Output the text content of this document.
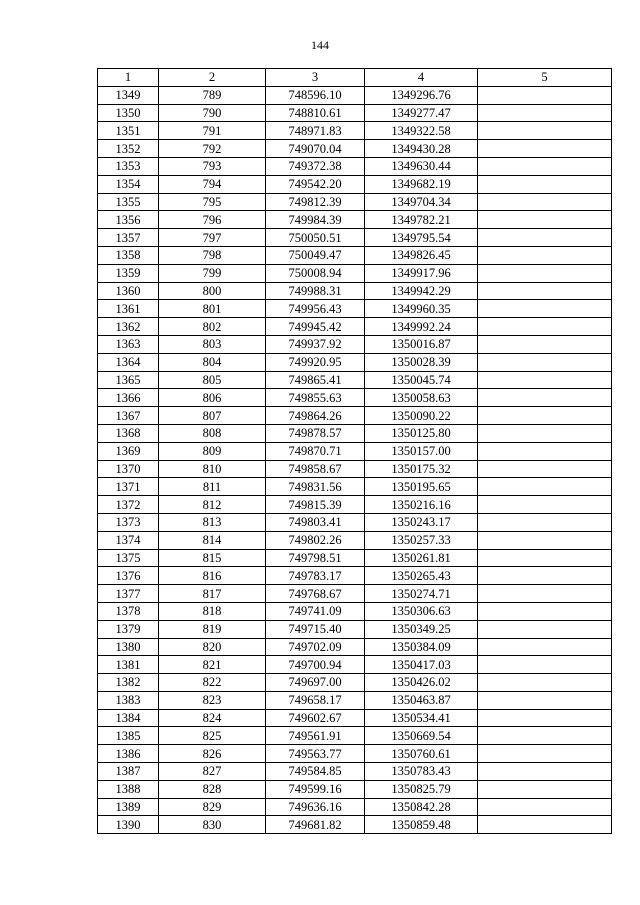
144
1	2	3	4	5
1349	789	748596.10	1349296.76	
1350	790	748810.61	1349277.47	
1351	791	748971.83	1349322.58	
1352	792	749070.04	1349430.28	
1353	793	749372.38	1349630.44	
1354	794	749542.20	1349682.19	
1355	795	749812.39	1349704.34	
1356	796	749984.39	1349782.21	
1357	797	750050.51	1349795.54	
1358	798	750049.47	1349826.45	
1359	799	750008.94	1349917.96	
1360	800	749988.31	1349942.29	
1361	801	749956.43	1349960.35	
1362	802	749945.42	1349992.24	
1363	803	749937.92	1350016.87	
1364	804	749920.95	1350028.39	
1365	805	749865.41	1350045.74	
1366	806	749855.63	1350058.63	
1367	807	749864.26	1350090.22	
1368	808	749878.57	1350125.80	
1369	809	749870.71	1350157.00	
1370	810	749858.67	1350175.32	
1371	811	749831.56	1350195.65	
1372	812	749815.39	1350216.16	
1373	813	749803.41	1350243.17	
1374	814	749802.26	1350257.33	
1375	815	749798.51	1350261.81	
1376	816	749783.17	1350265.43	
1377	817	749768.67	1350274.71	
1378	818	749741.09	1350306.63	
1379	819	749715.40	1350349.25	
1380	820	749702.09	1350384.09	
1381	821	749700.94	1350417.03	
1382	822	749697.00	1350426.02	
1383	823	749658.17	1350463.87	
1384	824	749602.67	1350534.41	
1385	825	749561.91	1350669.54	
1386	826	749563.77	1350760.61	
1387	827	749584.85	1350783.43	
1388	828	749599.16	1350825.79	
1389	829	749636.16	1350842.28	
1390	830	749681.82	1350859.48	
